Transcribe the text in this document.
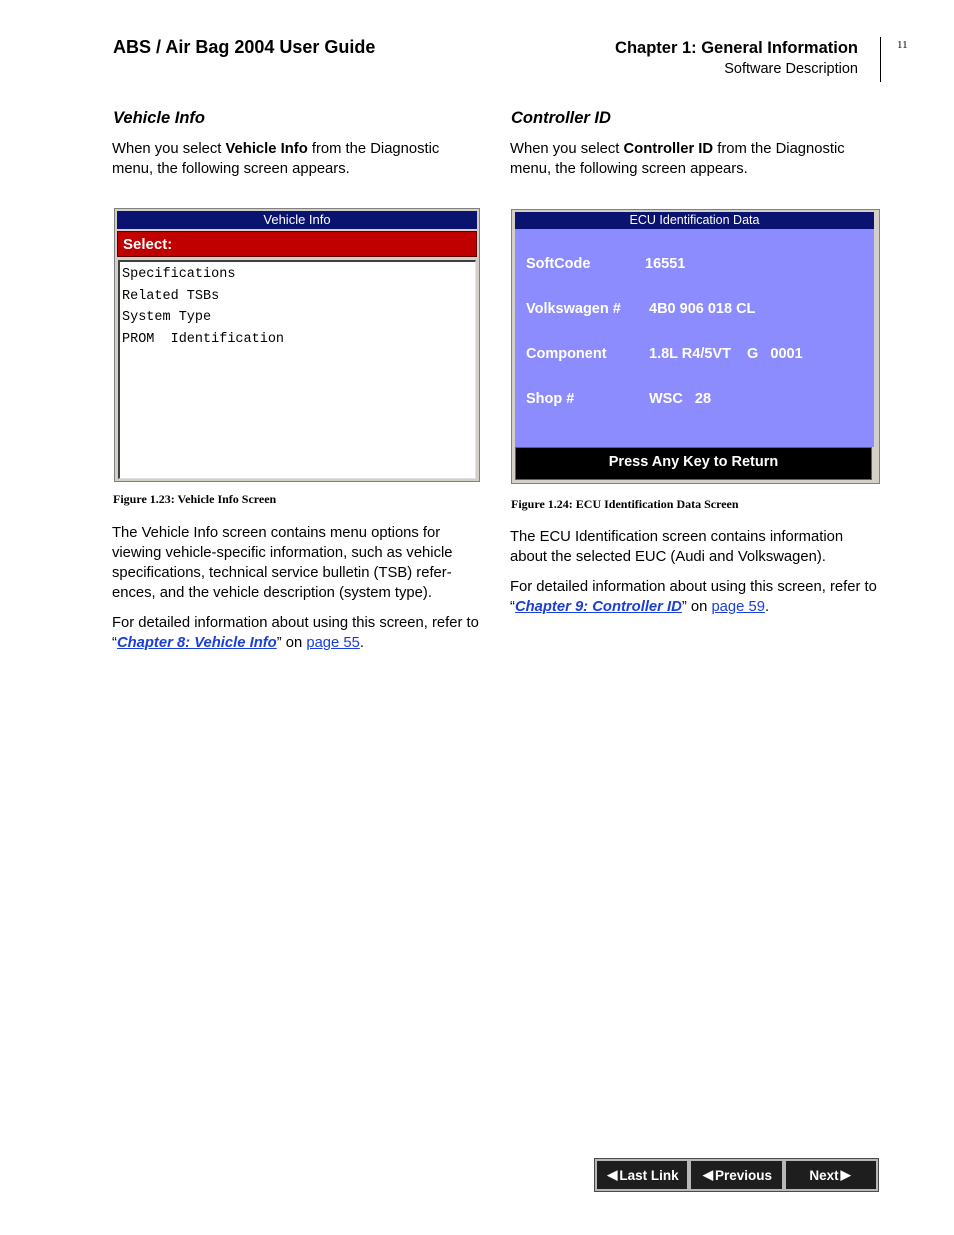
ABS / Air Bag 2004 User Guide	Chapter 1: General Information
Software Description
11
Vehicle Info

When you select Vehicle Info from the Diagnostic menu, the following screen appears.

Vehicle Info
Select:
Specifications
Related TSBs
System Type
PROM  Identification
Figure 1.23: Vehicle Info Screen

The Vehicle Info screen contains menu options for viewing vehicle-specific information, such as vehicle specifications, technical service bulletin (TSB) refer-ences, and the vehicle description (system type).

For detailed information about using this screen, refer to “Chapter 8: Vehicle Info” on page 55.

Controller ID

When you select Controller ID from the Diagnostic menu, the following screen appears.

ECU Identification Data
SoftCode	16551
Volkswagen # 4B0 906 018 CL
Component	1.8L R4/5VT    G   0001
Shop #	WSC   28
Press Any Key to Return
Figure 1.24: ECU Identification Data Screen

The ECU Identification screen contains information about the selected EUC (Audi and Volkswagen).

For detailed information about using this screen, refer to “Chapter 9: Controller ID” on page 59.

◀ Last Link ◀ Previous	Next ▶
